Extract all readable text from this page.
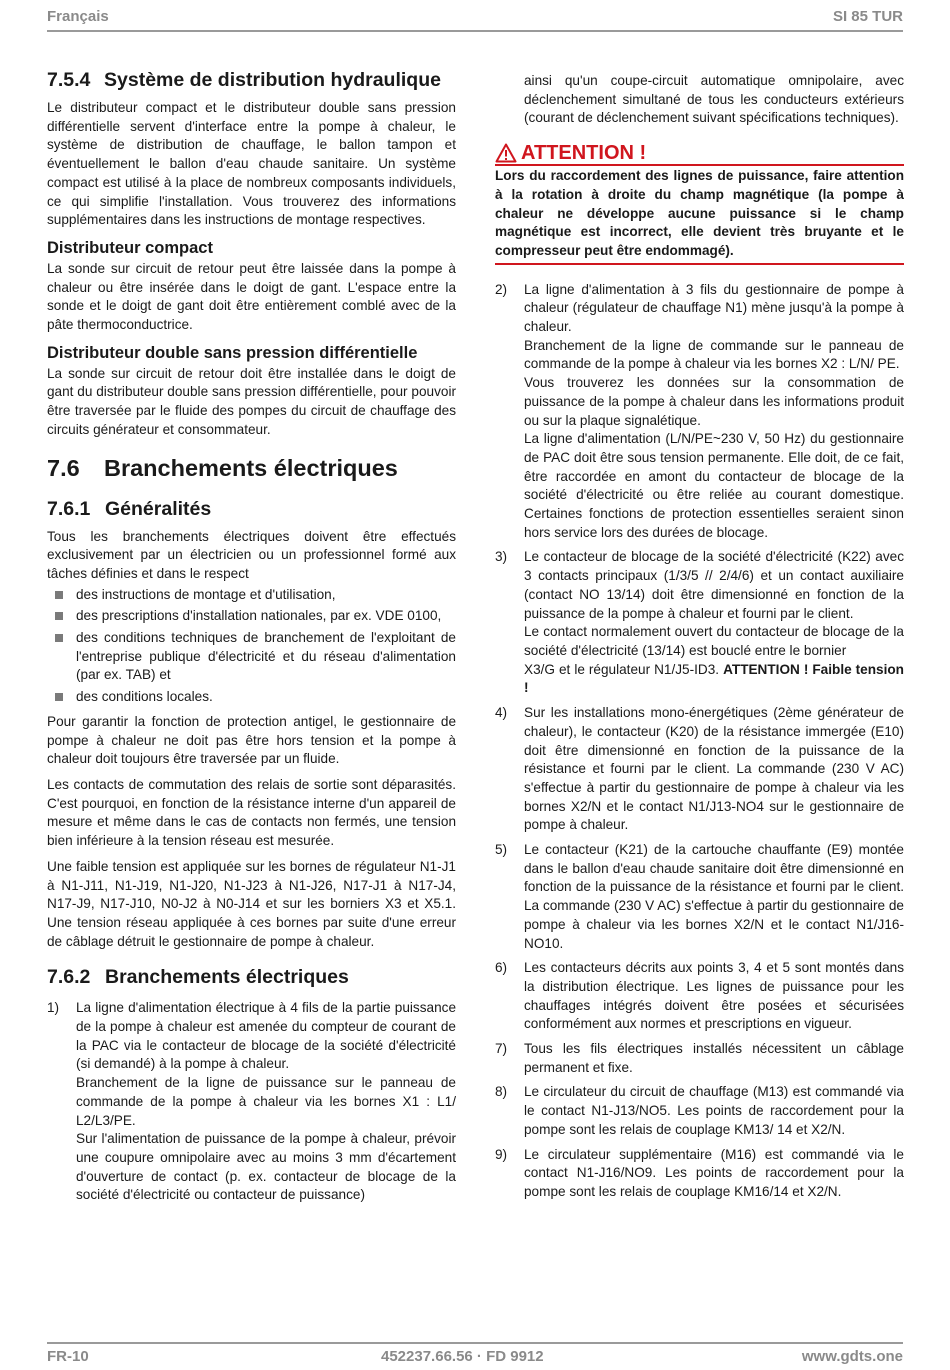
Français	SI 85 TUR
7.5.4 Système de distribution hydraulique

Le distributeur compact et le distributeur double sans pression différentielle servent d'interface entre la pompe à chaleur, le système de distribution de chauffage, le ballon tampon et éventuellement le ballon d'eau chaude sanitaire. Un système compact est utilisé à la place de nombreux composants individuels, ce qui simplifie l'installation. Vous trouverez des informations supplémentaires dans les instructions de montage respectives.

Distributeur compact

La sonde sur circuit de retour peut être laissée dans la pompe à chaleur ou être insérée dans le doigt de gant. L'espace entre la sonde et le doigt de gant doit être entièrement comblé avec de la pâte thermoconductrice.

Distributeur double sans pression différentielle

La sonde sur circuit de retour doit être installée dans le doigt de gant du distributeur double sans pression différentielle, pour pouvoir être traversée par le fluide des pompes du circuit de chauffage des circuits générateur et consommateur.

7.6 Branchements électriques
7.6.1 Généralités

Tous les branchements électriques doivent être effectués exclusivement par un électricien ou un professionnel formé aux tâches définies et dans le respect

des instructions de montage et d'utilisation,
des prescriptions d'installation nationales, par ex. VDE 0100,
des conditions techniques de branchement de l'exploitant de l'entreprise publique d'électricité et du réseau d'alimentation (par ex. TAB) et
des conditions locales.

Pour garantir la fonction de protection antigel, le gestionnaire de pompe à chaleur ne doit pas être hors tension et la pompe à chaleur doit toujours être traversée par un fluide.

Les contacts de commutation des relais de sortie sont déparasités. C'est pourquoi, en fonction de la résistance interne d'un appareil de mesure et même dans le cas de contacts non fermés, une tension bien inférieure à la tension réseau est mesurée.

Une faible tension est appliquée sur les bornes de régulateur N1-J1 à N1-J11, N1-J19, N1-J20, N1-J23 à N1-J26, N17-J1 à N17-J4, N17-J9, N17-J10, N0-J2 à N0-J14 et sur les borniers X3 et X5.1. Une tension réseau appliquée à ces bornes par suite d'une erreur de câblage détruit le gestionnaire de pompe à chaleur.

7.6.2 Branchements électriques
1) La ligne d'alimentation électrique à 4 fils de la partie puissance de la pompe à chaleur est amenée du compteur de courant de la PAC via le contacteur de blocage de la société d'électricité (si demandé) à la pompe à chaleur.

Branchement de la ligne de puissance sur le panneau de commande de la pompe à chaleur via les bornes X1 : L1/ L2/L3/PE.

Sur l'alimentation de puissance de la pompe à chaleur, prévoir une coupure omnipolaire avec au moins 3 mm d'écartement d'ouverture de contact (p. ex. contacteur de blocage de la société d'électricité ou contacteur de puissance)

ainsi qu'un coupe-circuit automatique omnipolaire, avec déclenchement simultané de tous les conducteurs extérieurs (courant de déclenchement suivant spécifications techniques).

ATTENTION !
Lors du raccordement des lignes de puissance, faire attention à la rotation à droite du champ magnétique (la pompe à chaleur ne développe aucune puissance si le champ magnétique est incorrect, elle devient très bruyante et le compresseur peut être endommagé).
2) La ligne d'alimentation à 3 fils du gestionnaire de pompe à chaleur (régulateur de chauffage N1) mène jusqu'à la pompe à chaleur.

Branchement de la ligne de commande sur le panneau de commande de la pompe à chaleur via les bornes X2 : L/N/ PE.

Vous trouverez les données sur la consommation de puissance de la pompe à chaleur dans les informations produit ou sur la plaque signalétique.

La ligne d'alimentation (L/N/PE~230 V, 50 Hz) du gestionnaire de PAC doit être sous tension permanente. Elle doit, de ce fait, être raccordée en amont du contacteur de blocage de la société d'électricité ou être reliée au courant domestique. Certaines fonctions de protection essentielles seraient sinon hors service lors des durées de blocage.

3) Le contacteur de blocage de la société d'électricité (K22) avec 3 contacts principaux (1/3/5 // 2/4/6) et un contact auxiliaire (contact NO 13/14) doit être dimensionné en fonction de la puissance de la pompe à chaleur et fourni par le client.

Le contact normalement ouvert du contacteur de blocage de la société d'électricité (13/14) est bouclé entre le bornier

X3/G et le régulateur N1/J5-ID3. ATTENTION ! Faible tension !

4) Sur les installations mono-énergétiques (2ème générateur de chaleur), le contacteur (K20) de la résistance immergée (E10) doit être dimensionné en fonction de la puissance de la résistance et fourni par le client. La commande (230 V AC) s'effectue à partir du gestionnaire de pompe à chaleur via les bornes X2/N et le contact N1/J13-NO4 sur le gestionnaire de pompe à chaleur.

5) Le contacteur (K21) de la cartouche chauffante (E9) montée dans le ballon d'eau chaude sanitaire doit être dimensionné en fonction de la puissance de la résistance et fourni par le client. La commande (230 V AC) s'effectue à partir du gestionnaire de pompe à chaleur via les bornes X2/N et le contact N1/J16-NO10.

6) Les contacteurs décrits aux points 3, 4 et 5 sont montés dans la distribution électrique. Les lignes de puissance pour les chauffages intégrés doivent être posées et sécurisées conformément aux normes et prescriptions en vigueur.

7) Tous les fils électriques installés nécessitent un câblage permanent et fixe.

8) Le circulateur du circuit de chauffage (M13) est commandé via le contact N1-J13/NO5. Les points de raccordement pour la pompe sont les relais de couplage KM13/ 14 et X2/N.

9) Le circulateur supplémentaire (M16) est commandé via le contact N1-J16/NO9. Les points de raccordement pour la pompe sont les relais de couplage KM16/14 et X2/N.

FR-10	452237.66.56 · FD 9912	www.gdts.one
